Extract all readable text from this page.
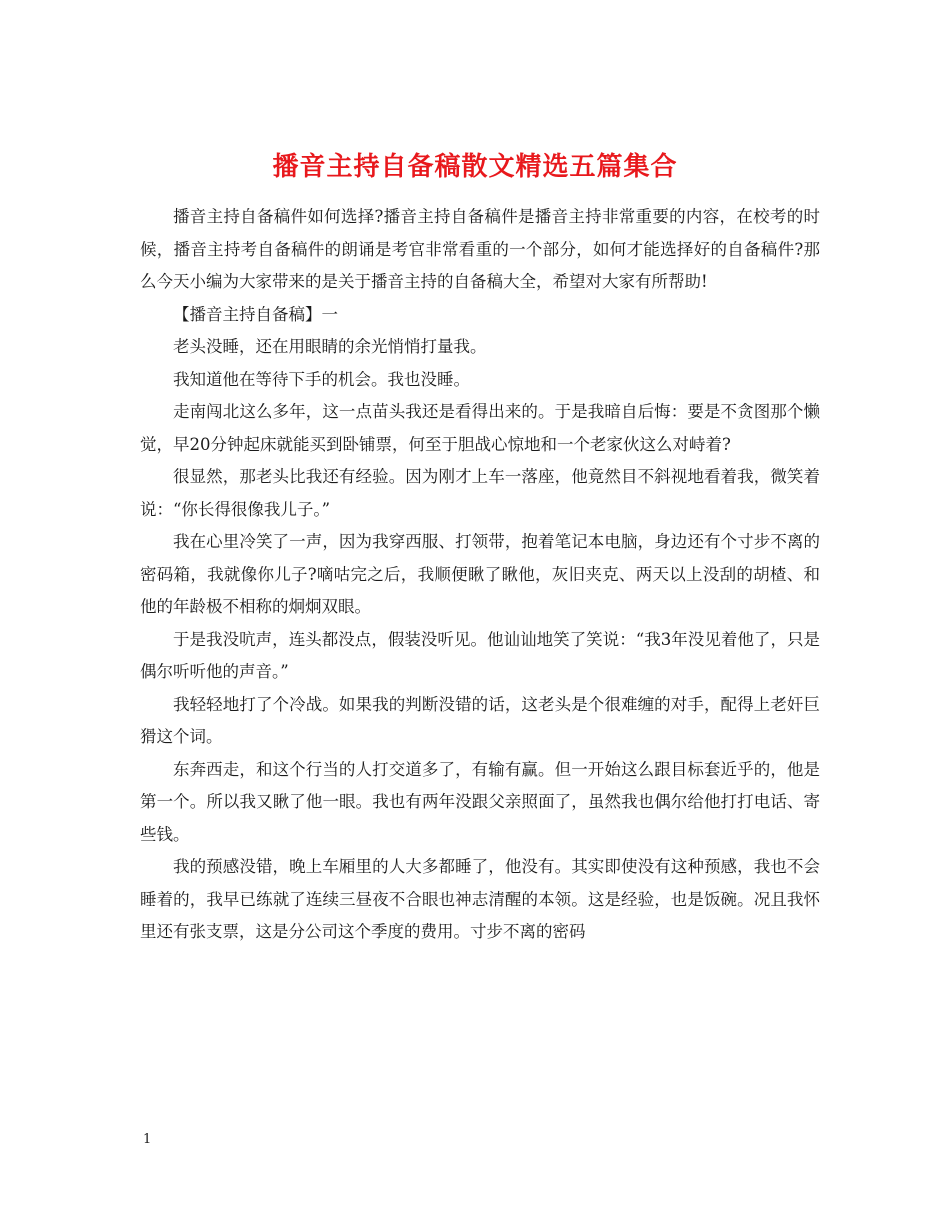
播音主持自备稿散文精选五篇集合

播音主持自备稿件如何选择?播音主持自备稿件是播音主持非常重要的内容，在校考的时候，播音主持考自备稿件的朗诵是考官非常看重的一个部分，如何才能选择好的自备稿件?那么今天小编为大家带来的是关于播音主持的自备稿大全，希望对大家有所帮助!

【播音主持自备稿】一

老头没睡，还在用眼睛的余光悄悄打量我。

我知道他在等待下手的机会。我也没睡。

走南闯北这么多年，这一点苗头我还是看得出来的。于是我暗自后悔：要是不贪图那个懒觉，早20分钟起床就能买到卧铺票，何至于胆战心惊地和一个老家伙这么对峙着?

很显然，那老头比我还有经验。因为刚才上车一落座，他竟然目不斜视地看着我，微笑着说：“你长得很像我儿子。”

我在心里冷笑了一声，因为我穿西服、打领带，抱着笔记本电脑，身边还有个寸步不离的密码箱，我就像你儿子?嘀咕完之后，我顺便瞅了瞅他，灰旧夹克、两天以上没刮的胡楂、和他的年龄极不相称的炯炯双眼。

于是我没吭声，连头都没点，假装没听见。他讪讪地笑了笑说：“我3年没见着他了，只是偶尔听听他的声音。”

我轻轻地打了个冷战。如果我的判断没错的话，这老头是个很难缠的对手，配得上老奸巨猾这个词。

东奔西走，和这个行当的人打交道多了，有输有赢。但一开始这么跟目标套近乎的，他是第一个。所以我又瞅了他一眼。我也有两年没跟父亲照面了，虽然我也偶尔给他打打电话、寄些钱。

我的预感没错，晚上车厢里的人大多都睡了，他没有。其实即使没有这种预感，我也不会睡着的，我早已练就了连续三昼夜不合眼也神志清醒的本领。这是经验，也是饭碗。况且我怀里还有张支票，这是分公司这个季度的费用。寸步不离的密码

1
